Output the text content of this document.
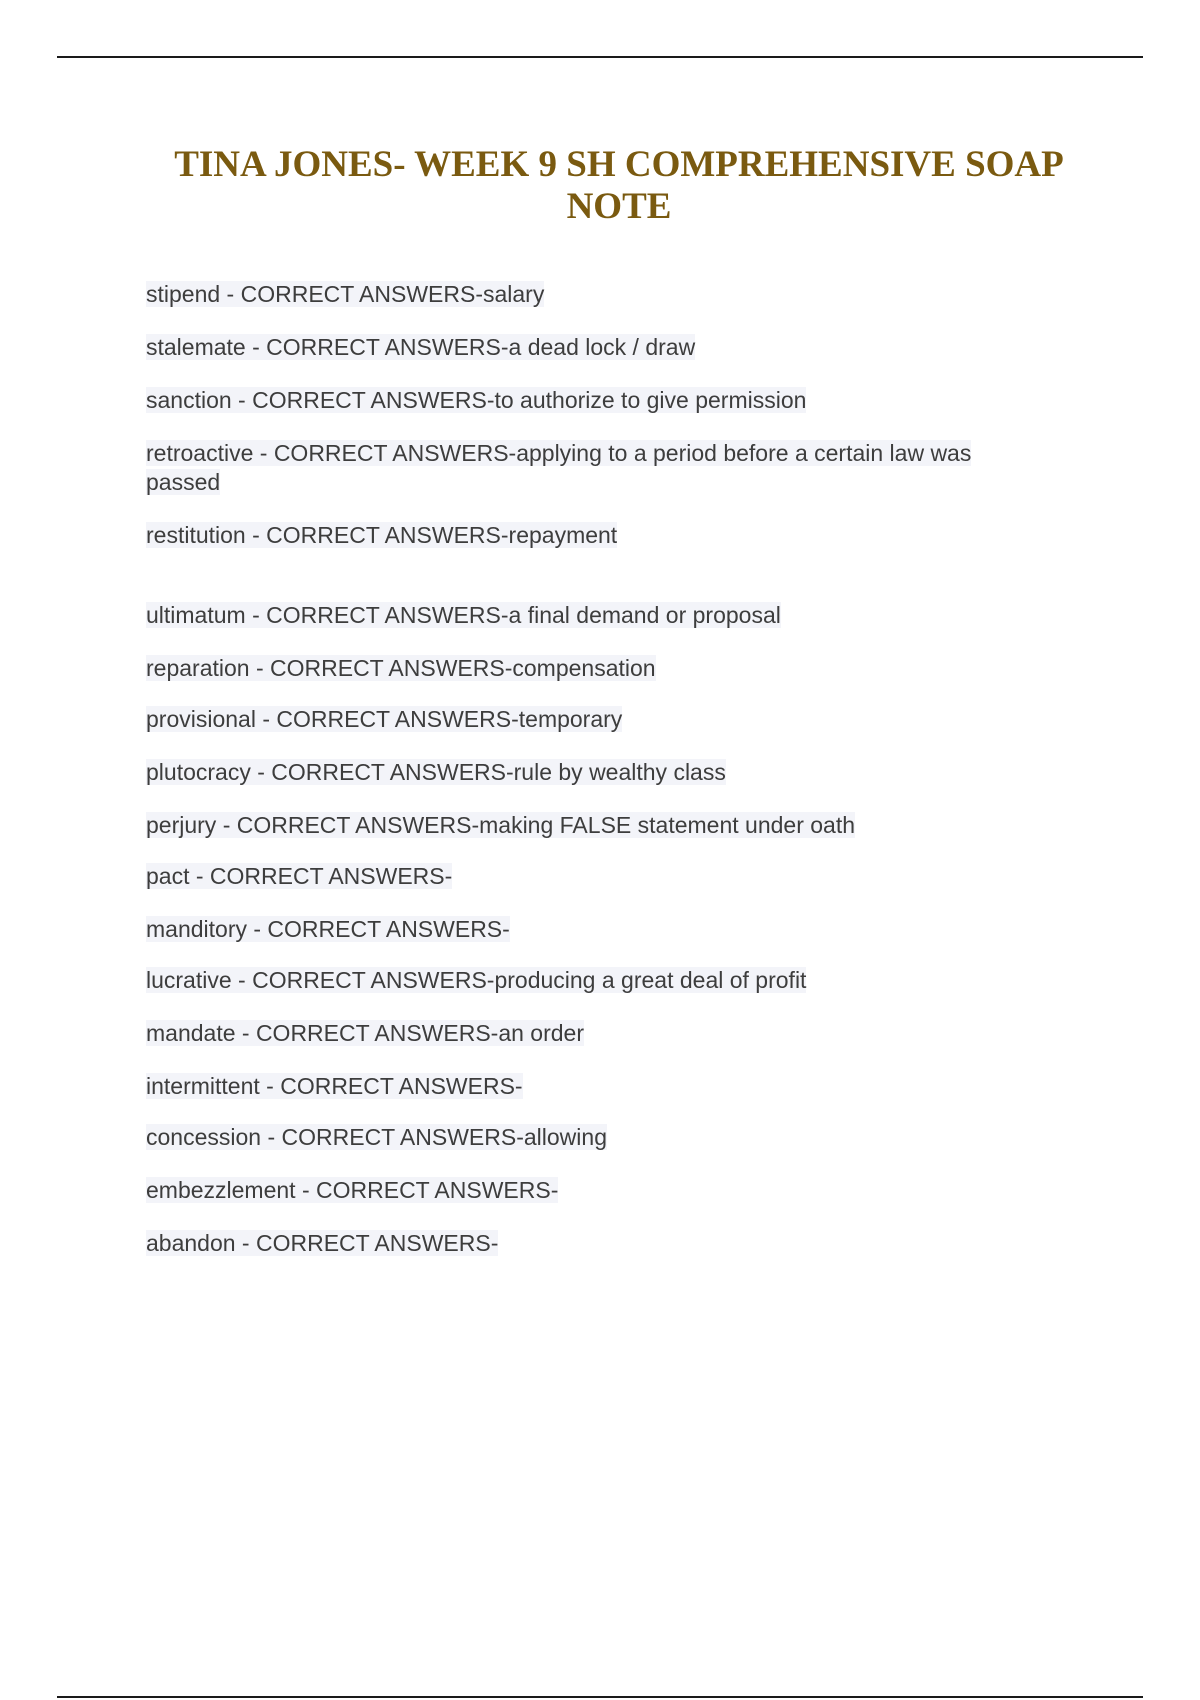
TINA JONES- WEEK 9 SH COMPREHENSIVE SOAP NOTE
stipend - CORRECT ANSWERS-salary
stalemate - CORRECT ANSWERS-a dead lock / draw
sanction - CORRECT ANSWERS-to authorize to give permission
retroactive - CORRECT ANSWERS-applying to a period before a certain law was passed
restitution - CORRECT ANSWERS-repayment
ultimatum - CORRECT ANSWERS-a final demand or proposal
reparation - CORRECT ANSWERS-compensation
provisional - CORRECT ANSWERS-temporary
plutocracy - CORRECT ANSWERS-rule by wealthy class
perjury - CORRECT ANSWERS-making FALSE statement under oath
pact - CORRECT ANSWERS-
manditory - CORRECT ANSWERS-
lucrative - CORRECT ANSWERS-producing a great deal of profit
mandate - CORRECT ANSWERS-an order
intermittent - CORRECT ANSWERS-
concession - CORRECT ANSWERS-allowing
embezzlement - CORRECT ANSWERS-
abandon - CORRECT ANSWERS-
